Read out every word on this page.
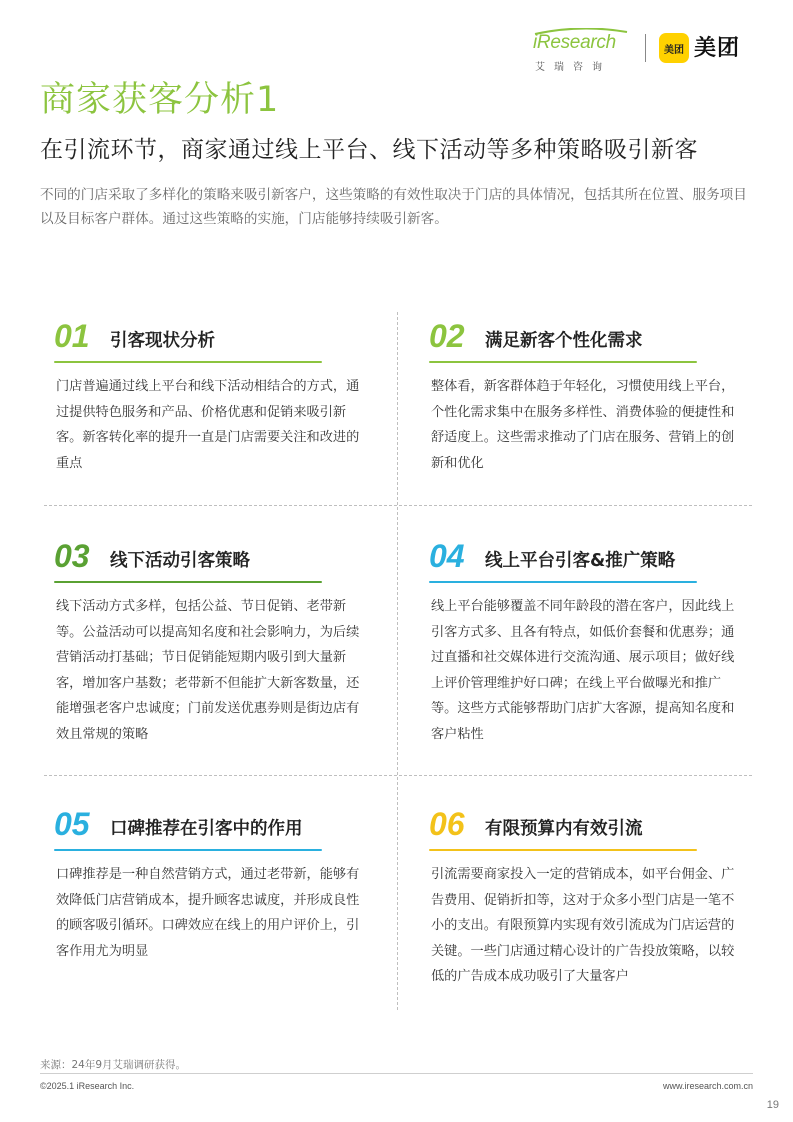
iResearch
艾瑞咨询
美团 美团
商家获客分析1
在引流环节，商家通过线上平台、线下活动等多种策略吸引新客
不同的门店采取了多样化的策略来吸引新客户，这些策略的有效性取决于门店的具体情况，包括其所在位置、服务项目以及目标客户群体。通过这些策略的实施，门店能够持续吸引新客。
01 引客现状分析
门店普遍通过线上平台和线下活动相结合的方式，通过提供特色服务和产品、价格优惠和促销来吸引新客。新客转化率的提升一直是门店需要关注和改进的重点
02 满足新客个性化需求
整体看，新客群体趋于年轻化，习惯使用线上平台，个性化需求集中在服务多样性、消费体验的便捷性和舒适度上。这些需求推动了门店在服务、营销上的创新和优化
03 线下活动引客策略
线下活动方式多样，包括公益、节日促销、老带新等。公益活动可以提高知名度和社会影响力，为后续营销活动打基础；节日促销能短期内吸引到大量新客，增加客户基数；老带新不但能扩大新客数量，还能增强老客户忠诚度；门前发送优惠券则是街边店有效且常规的策略
04 线上平台引客&推广策略
线上平台能够覆盖不同年龄段的潜在客户，因此线上引客方式多、且各有特点，如低价套餐和优惠券；通过直播和社交媒体进行交流沟通、展示项目；做好线上评价管理维护好口碑；在线上平台做曝光和推广等。这些方式能够帮助门店扩大客源，提高知名度和客户粘性
05 口碑推荐在引客中的作用
口碑推荐是一种自然营销方式，通过老带新，能够有效降低门店营销成本，提升顾客忠诚度，并形成良性的顾客吸引循环。口碑效应在线上的用户评价上，引客作用尤为明显
06 有限预算内有效引流
引流需要商家投入一定的营销成本，如平台佣金、广告费用、促销折扣等，这对于众多小型门店是一笔不小的支出。有限预算内实现有效引流成为门店运营的关键。一些门店通过精心设计的广告投放策略，以较低的广告成本成功吸引了大量客户
来源：24年9月艾瑞调研获得。
©2025.1 iResearch Inc.	www.iresearch.com.cn
19
